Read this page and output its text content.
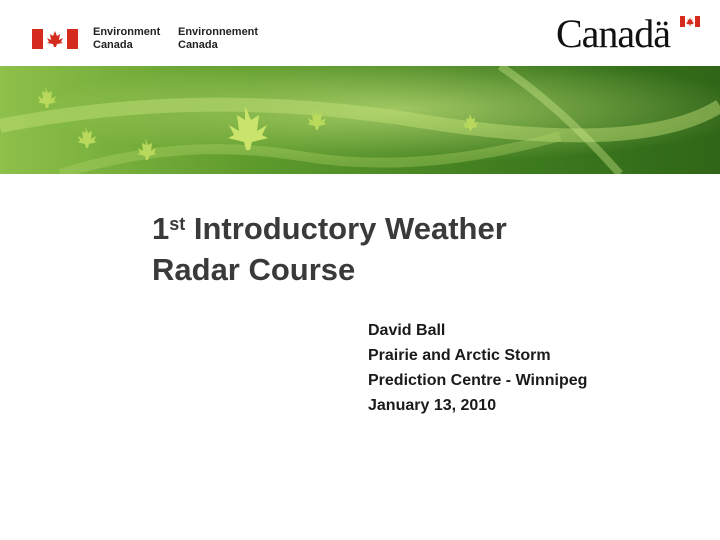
Environment
Canada
Environnement
Canada	Canadä
1st Introductory Weather
Radar Course
David Ball
Prairie and Arctic Storm
Prediction Centre - Winnipeg
January 13, 2010
